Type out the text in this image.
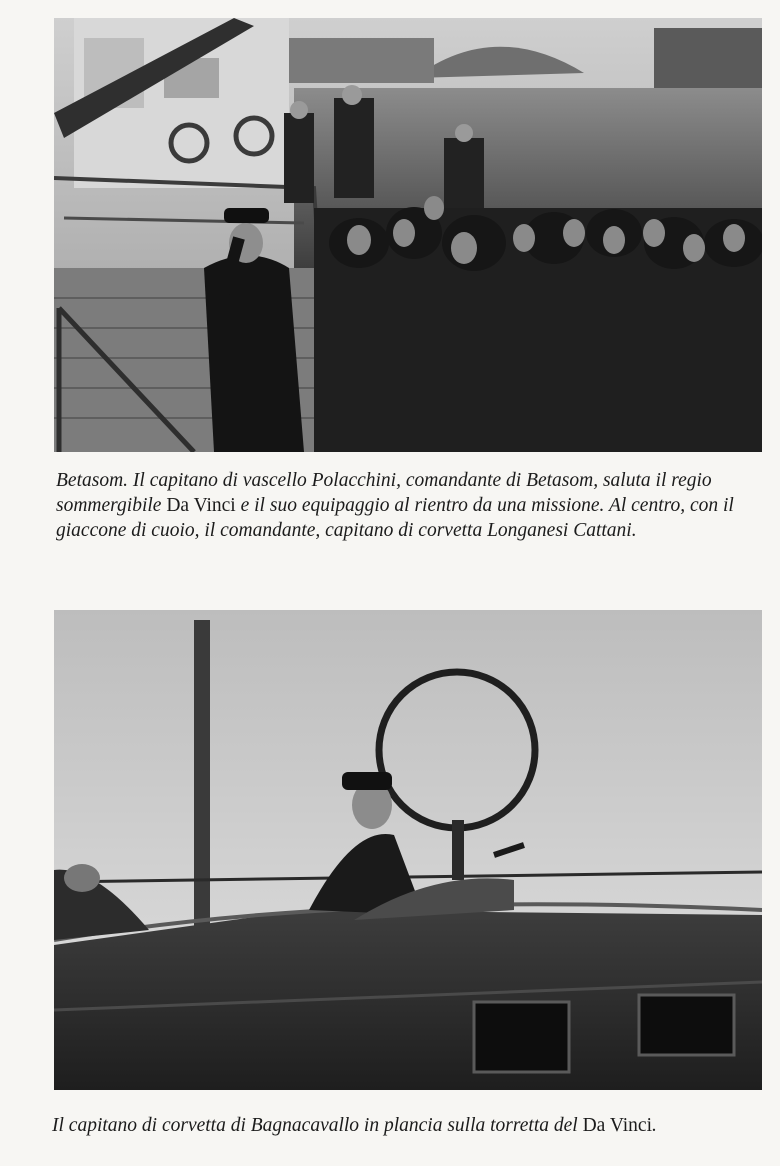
Betasom. Il capitano di vascello Polacchini, comandante di Betasom, saluta il regio sommergibile Da Vinci e il suo equipaggio al rientro da una missione. Al centro, con il giaccone di cuoio, il comandante, capitano di corvetta Longanesi Cattani.

Il capitano di corvetta di Bagnacavallo in plancia sulla torretta del Da Vinci.
